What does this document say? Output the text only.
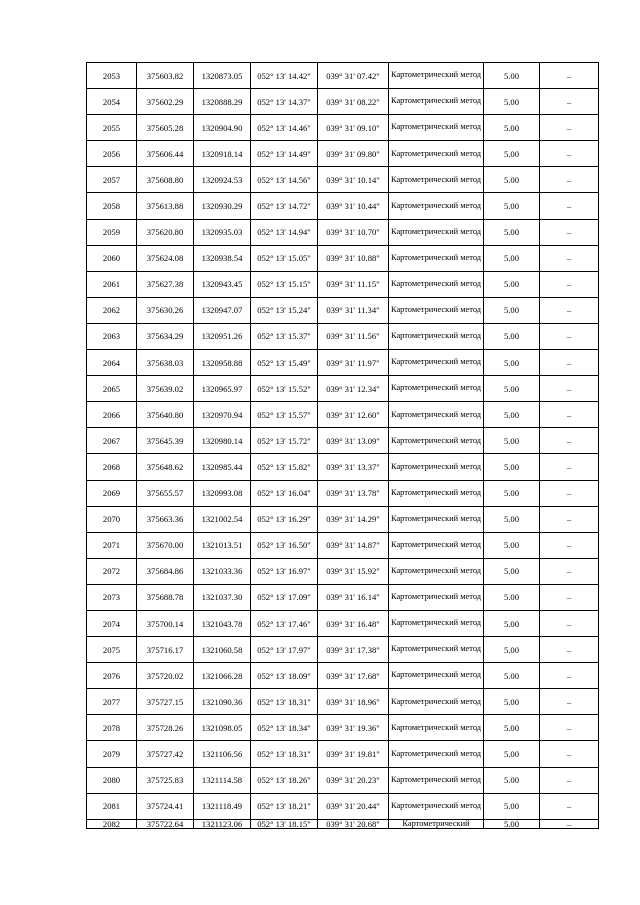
2053	375603.82	1320873.05	052° 13' 14.42"	039° 31' 07.42"	Картометрический метод	5.00	–
2054	375602.29	1320888.29	052° 13' 14.37"	039° 31' 08.22"	Картометрический метод	5.00	–
2055	375605.28	1320904.90	052° 13' 14.46"	039° 31' 09.10"	Картометрический метод	5.00	–
2056	375606.44	1320918.14	052° 13' 14.49"	039° 31' 09.80"	Картометрический метод	5.00	–
2057	375608.80	1320924.53	052° 13' 14.56"	039° 31' 10.14"	Картометрический метод	5.00	–
2058	375613.88	1320930.29	052° 13' 14.72"	039° 31' 10.44"	Картометрический метод	5.00	–
2059	375620.80	1320935.03	052° 13' 14.94"	039° 31' 10.70"	Картометрический метод	5.00	–
2060	375624.08	1320938.54	052° 13' 15.05"	039° 31' 10.88"	Картометрический метод	5.00	–
2061	375627.38	1320943.45	052° 13' 15.15"	039° 31' 11.15"	Картометрический метод	5.00	–
2062	375630.26	1320947.07	052° 13' 15.24"	039° 31' 11.34"	Картометрический метод	5.00	–
2063	375634.29	1320951.26	052° 13' 15.37"	039° 31' 11.56"	Картометрический метод	5.00	–
2064	375638.03	1320958.88	052° 13' 15.49"	039° 31' 11.97"	Картометрический метод	5.00	–
2065	375639.02	1320965.97	052° 13' 15.52"	039° 31' 12.34"	Картометрический метод	5.00	–
2066	375640.80	1320970.94	052° 13' 15.57"	039° 31' 12.60"	Картометрический метод	5.00	–
2067	375645.39	1320980.14	052° 13' 15.72"	039° 31' 13.09"	Картометрический метод	5.00	–
2068	375648.62	1320985.44	052° 13' 15.82"	039° 31' 13.37"	Картометрический метод	5.00	–
2069	375655.57	1320993.08	052° 13' 16.04"	039° 31' 13.78"	Картометрический метод	5.00	–
2070	375663.36	1321002.54	052° 13' 16.29"	039° 31' 14.29"	Картометрический метод	5.00	–
2071	375670.00	1321013.51	052° 13' 16.50"	039° 31' 14.87"	Картометрический метод	5.00	–
2072	375684.86	1321033.36	052° 13' 16.97"	039° 31' 15.92"	Картометрический метод	5.00	–
2073	375688.78	1321037.30	052° 13' 17.09"	039° 31' 16.14"	Картометрический метод	5.00	–
2074	375700.14	1321043.78	052° 13' 17.46"	039° 31' 16.48"	Картометрический метод	5.00	–
2075	375716.17	1321060.58	052° 13' 17.97"	039° 31' 17.38"	Картометрический метод	5.00	–
2076	375720.02	1321066.28	052° 13' 18.09"	039° 31' 17.68"	Картометрический метод	5.00	–
2077	375727.15	1321090.36	052° 13' 18.31"	039° 31' 18.96"	Картометрический метод	5.00	–
2078	375728.26	1321098.05	052° 13' 18.34"	039° 31' 19.36"	Картометрический метод	5.00	–
2079	375727.42	1321106.56	052° 13' 18.31"	039° 31' 19.81"	Картометрический метод	5.00	–
2080	375725.83	1321114.58	052° 13' 18.26"	039° 31' 20.23"	Картометрический метод	5.00	–
2081	375724.41	1321118.49	052° 13' 18.21"	039° 31' 20.44"	Картометрический метод	5.00	–
2082	375722.64	1321123.06	052° 13' 18.15"	039° 31' 20.68"	Картометрический	5.00	–
